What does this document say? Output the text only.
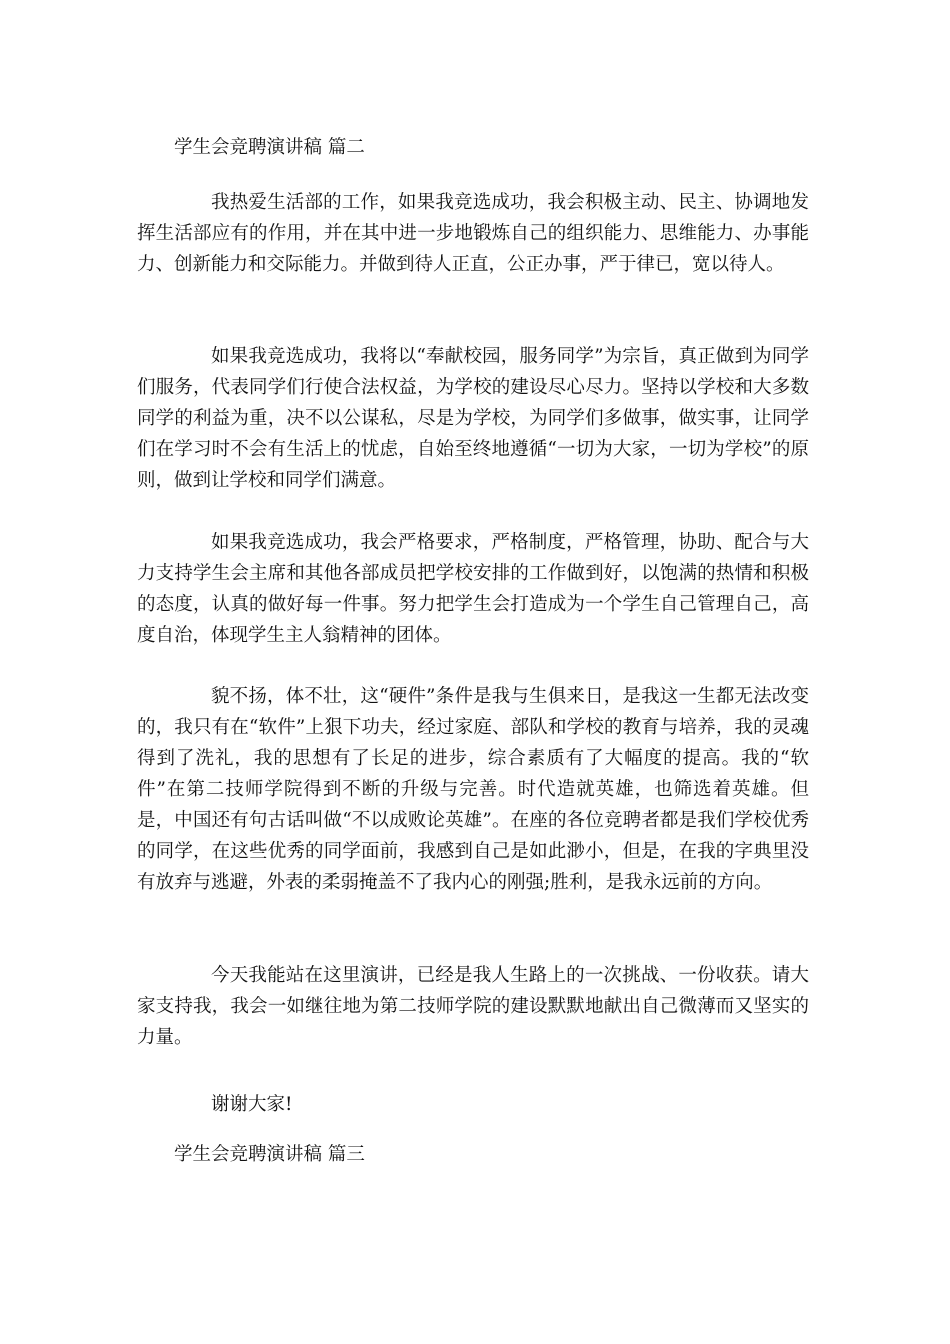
学生会竞聘演讲稿 篇二

我热爱生活部的工作，如果我竞选成功，我会积极主动、民主、协调地发挥生活部应有的作用，并在其中进一步地锻炼自己的组织能力、思维能力、办事能力、创新能力和交际能力。并做到待人正直，公正办事，严于律已，宽以待人。

如果我竞选成功，我将以“奉献校园，服务同学”为宗旨，真正做到为同学们服务，代表同学们行使合法权益，为学校的建设尽心尽力。坚持以学校和大多数同学的利益为重，决不以公谋私，尽是为学校，为同学们多做事，做实事，让同学们在学习时不会有生活上的忧虑，自始至终地遵循“一切为大家，一切为学校”的原则，做到让学校和同学们满意。

如果我竞选成功，我会严格要求，严格制度，严格管理，协助、配合与大力支持学生会主席和其他各部成员把学校安排的工作做到好，以饱满的热情和积极的态度，认真的做好每一件事。努力把学生会打造成为一个学生自己管理自己，高度自治，体现学生主人翁精神的团体。

貌不扬，体不壮，这“硬件”条件是我与生俱来日，是我这一生都无法改变的，我只有在“软件”上狠下功夫，经过家庭、部队和学校的教育与培养，我的灵魂得到了洗礼，我的思想有了长足的进步，综合素质有了大幅度的提高。我的“软件”在第二技师学院得到不断的升级与完善。时代造就英雄，也筛选着英雄。但是，中国还有句古话叫做“不以成败论英雄”。在座的各位竞聘者都是我们学校优秀的同学，在这些优秀的同学面前，我感到自己是如此渺小，但是，在我的字典里没有放弃与逃避，外表的柔弱掩盖不了我内心的刚强;胜利，是我永远前的方向。

今天我能站在这里演讲，已经是我人生路上的一次挑战、一份收获。请大家支持我，我会一如继往地为第二技师学院的建设默默地献出自己微薄而又坚实的力量。

谢谢大家!

学生会竞聘演讲稿 篇三
